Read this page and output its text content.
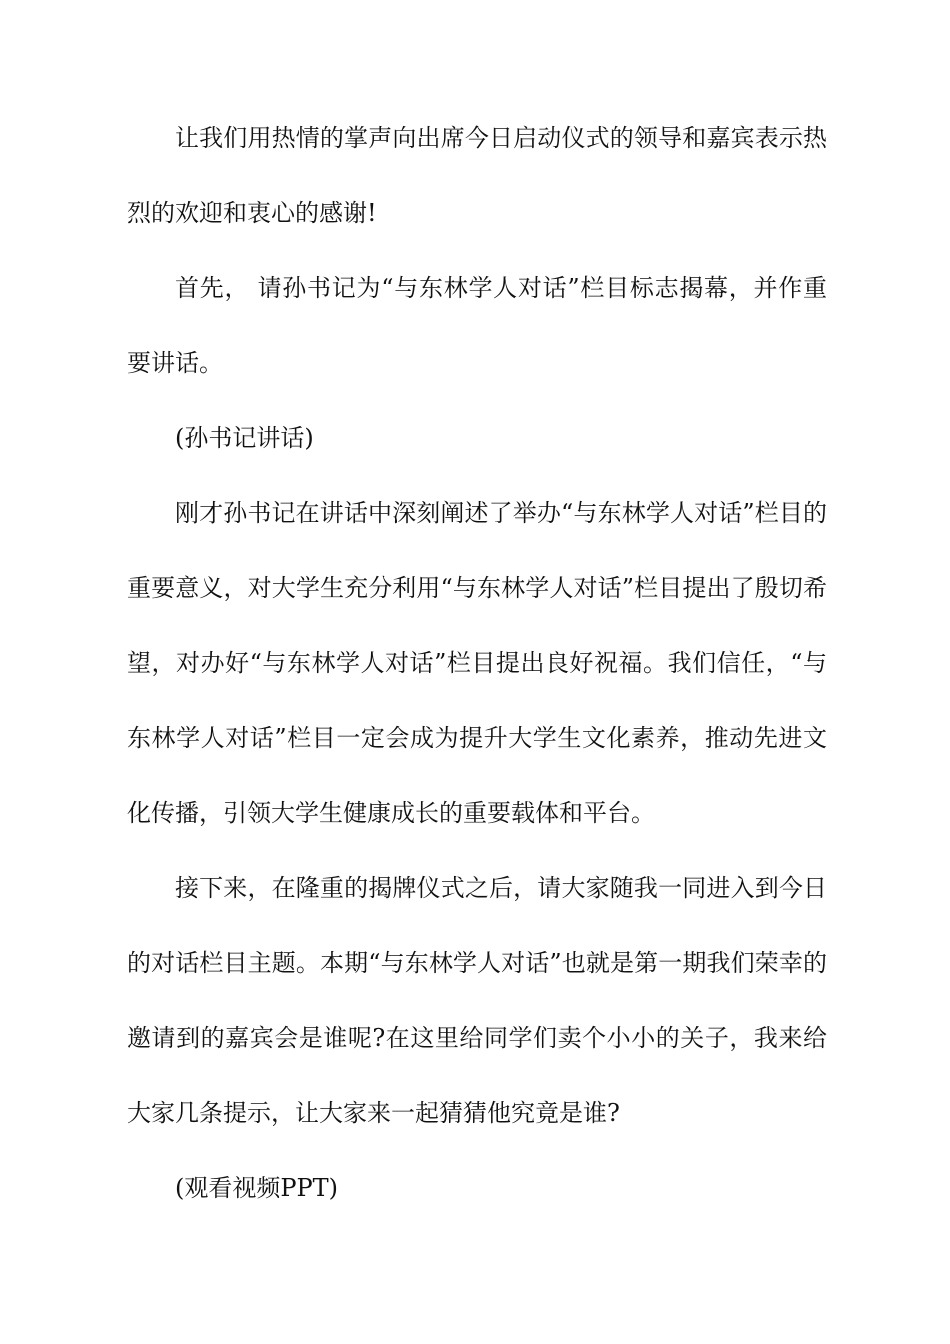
让我们用热情的掌声向出席今日启动仪式的领导和嘉宾表示热烈的欢迎和衷心的感谢!

首先， 请孙书记为“与东林学人对话”栏目标志揭幕，并作重要讲话。

(孙书记讲话)

刚才孙书记在讲话中深刻阐述了举办“与东林学人对话”栏目的重要意义，对大学生充分利用“与东林学人对话”栏目提出了殷切希望，对办好“与东林学人对话”栏目提出良好祝福。我们信任，“与东林学人对话”栏目一定会成为提升大学生文化素养，推动先进文化传播，引领大学生健康成长的重要载体和平台。

接下来，在隆重的揭牌仪式之后，请大家随我一同进入到今日的对话栏目主题。本期“与东林学人对话”也就是第一期我们荣幸的邀请到的嘉宾会是谁呢?在这里给同学们卖个小小的关子，我来给大家几条提示，让大家来一起猜猜他究竟是谁?

(观看视频PPT)
